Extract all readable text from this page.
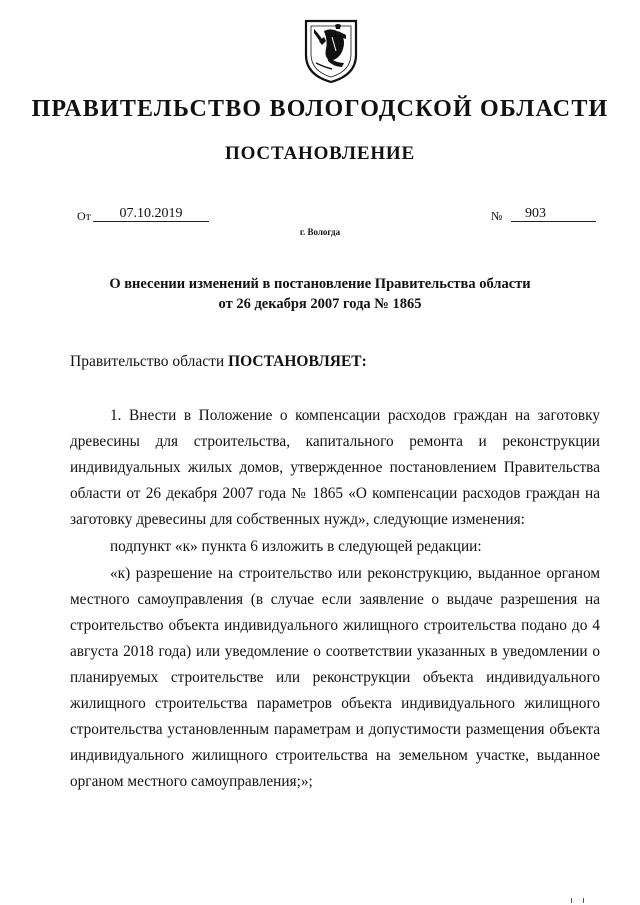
ПРАВИТЕЛЬСТВО ВОЛОГОДСКОЙ ОБЛАСТИ
ПОСТАНОВЛЕНИЕ
От	07.10.2019	№	903
г. Вологда
О внесении изменений в постановление Правительства области
от 26 декабря 2007 года № 1865
Правительство области ПОСТАНОВЛЯЕТ:

1. Внести в Положение о компенсации расходов граждан на заготовку древесины для строительства, капитального ремонта и реконструкции индивидуальных жилых домов, утвержденное постановлением Правительства области от 26 декабря 2007 года № 1865 «О компенсации расходов граждан на заготовку древесины для собственных нужд», следующие изменения:

подпункт «к» пункта 6 изложить в следующей редакции:

«к) разрешение на строительство или реконструкцию, выданное органом местного самоуправления (в случае если заявление о выдаче разрешения на строительство объекта индивидуального жилищного строительства подано до 4 августа 2018 года) или уведомление о соответствии указанных в уведомлении о планируемых строительстве или реконструкции объекта индивидуального жилищного строительства параметров объекта индивидуального жилищного строительства установленным параметрам и допустимости размещения объекта индивидуального жилищного строительства на земельном участке, выданное органом местного самоуправления;»;
